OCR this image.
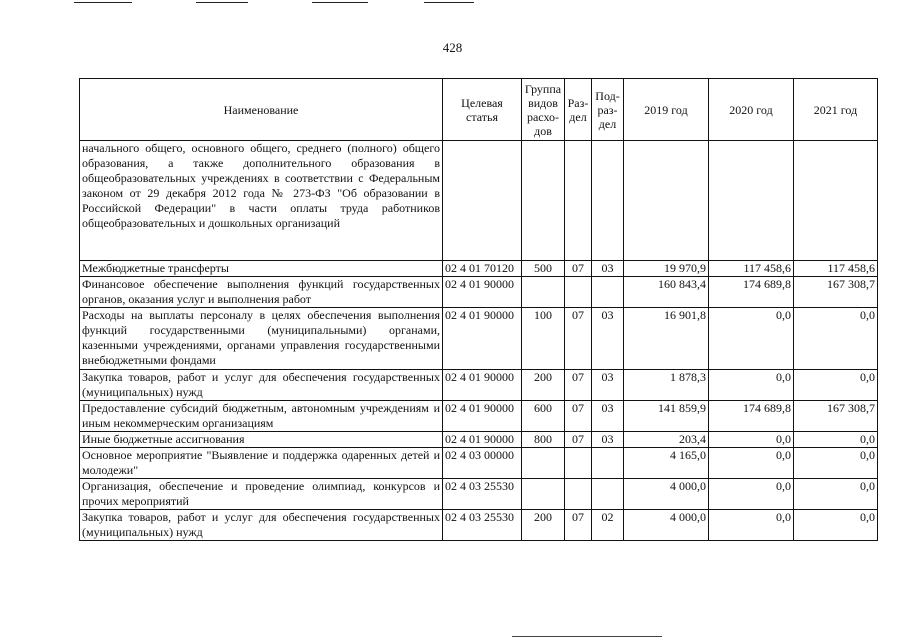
428
Наименование	Целевая статья	Группа видов расхо-дов	Раз-дел	Под-раз-дел	2019 год	2020 год	2021 год
начального общего, основного общего, среднего (полного) общего образования, а также дополнительного образования в общеобразовательных учреждениях в соответствии с Федеральным законом от 29 декабря 2012 года № 273-ФЗ "Об образовании в Российской Федерации" в части оплаты труда работников общеобразовательных и дошкольных организаций							
Межбюджетные трансферты	02 4 01 70120	500	07	03	19 970,9	117 458,6	117 458,6
Финансовое обеспечение выполнения функций государственных органов, оказания услуг и выполнения работ	02 4 01 90000				160 843,4	174 689,8	167 308,7
Расходы на выплаты персоналу в целях обеспечения выполнения функций государственными (муниципальными) органами, казенными учреждениями, органами управления государственными внебюджетными фондами	02 4 01 90000	100	07	03	16 901,8	0,0	0,0
Закупка товаров, работ и услуг для обеспечения государственных (муниципальных) нужд	02 4 01 90000	200	07	03	1 878,3	0,0	0,0
Предоставление субсидий бюджетным, автономным учреждениям и иным некоммерческим организациям	02 4 01 90000	600	07	03	141 859,9	174 689,8	167 308,7
Иные бюджетные ассигнования	02 4 01 90000	800	07	03	203,4	0,0	0,0
Основное мероприятие "Выявление и поддержка одаренных детей и молодежи"	02 4 03 00000				4 165,0	0,0	0,0
Организация, обеспечение и проведение олимпиад, конкурсов и прочих мероприятий	02 4 03 25530				4 000,0	0,0	0,0
Закупка товаров, работ и услуг для обеспечения государственных (муниципальных) нужд	02 4 03 25530	200	07	02	4 000,0	0,0	0,0
